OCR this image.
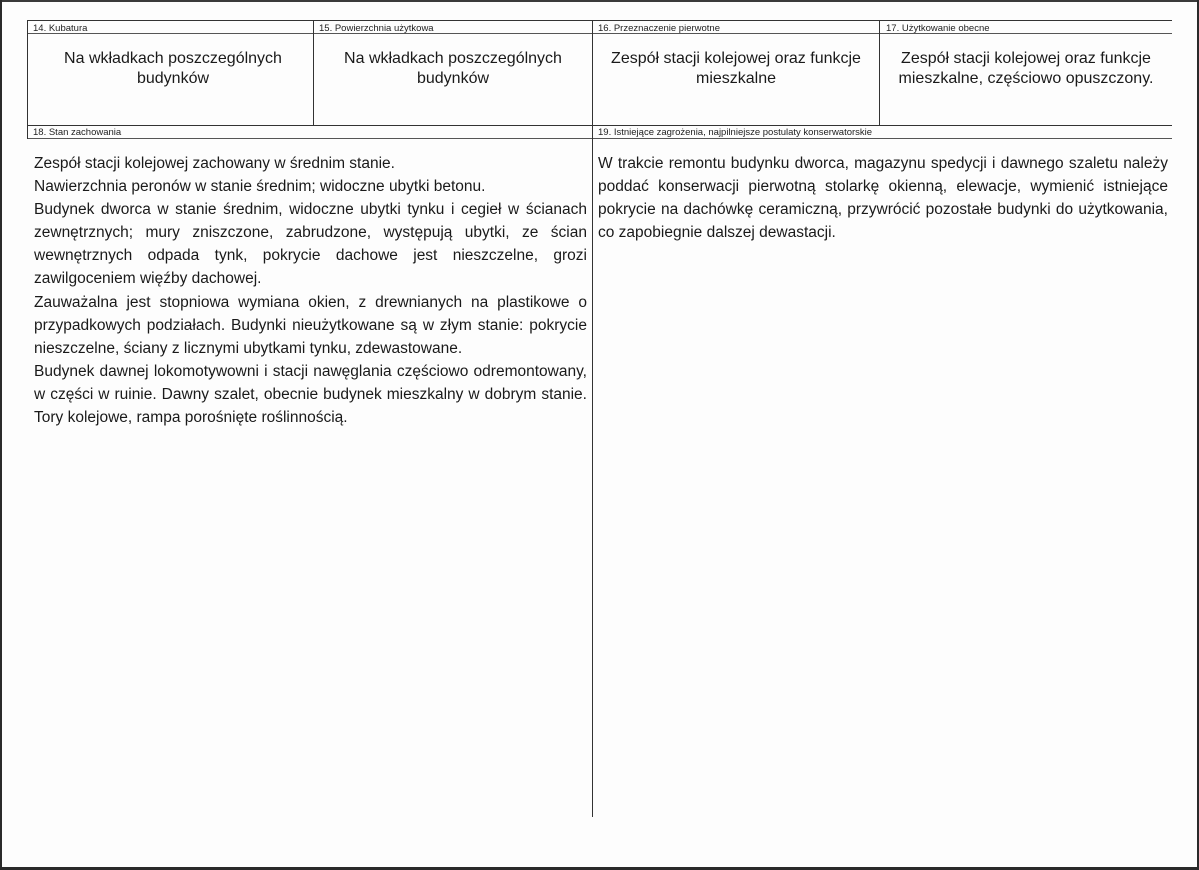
14. Kubatura
Na wkładkach poszczególnych budynków
15. Powierzchnia użytkowa
Na wkładkach poszczególnych budynków
16. Przeznaczenie pierwotne
Zespół stacji kolejowej oraz funkcje mieszkalne
17. Użytkowanie obecne
Zespół stacji kolejowej oraz funkcje mieszkalne, częściowo opuszczony.
18. Stan zachowania

Zespół stacji kolejowej zachowany w średnim stanie.

Nawierzchnia peronów w stanie średnim; widoczne ubytki betonu.

Budynek dworca w stanie średnim, widoczne ubytki tynku i cegieł w ścianach zewnętrznych; mury zniszczone, zabrudzone, występują ubytki, ze ścian wewnętrznych odpada tynk, pokrycie dachowe jest nieszczelne, grozi zawilgoceniem więźby dachowej.

Zauważalna jest stopniowa wymiana okien, z drewnianych na plastikowe o przypadkowych podziałach. Budynki nieużytkowane są w złym stanie: pokrycie nieszczelne, ściany z licznymi ubytkami tynku, zdewastowane.

Budynek dawnej lokomotywowni i stacji nawęglania częściowo odremontowany, w części w ruinie. Dawny szalet, obecnie budynek mieszkalny w dobrym stanie. Tory kolejowe, rampa porośnięte roślinnością.

19. Istniejące zagrożenia, najpilniejsze postulaty konserwatorskie

W trakcie remontu budynku dworca, magazynu spedycji i dawnego szaletu należy poddać konserwacji pierwotną stolarkę okienną, elewacje, wymienić istniejące pokrycie na dachówkę ceramiczną, przywrócić pozostałe budynki do użytkowania, co zapobiegnie dalszej dewastacji.
